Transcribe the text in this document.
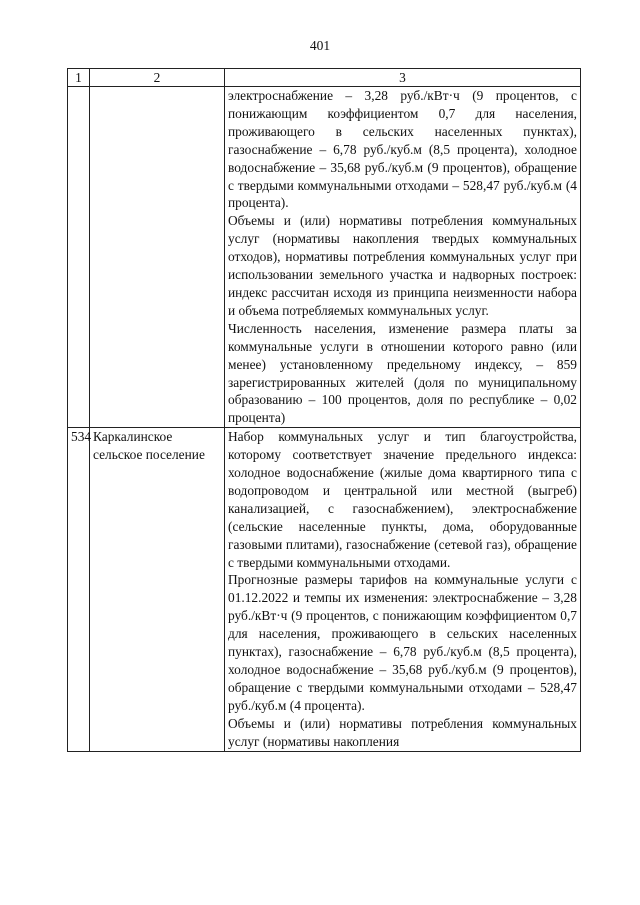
401
1	2	3

		электроснабжение – 3,28 руб./кВт·ч (9 процентов, с понижающим коэффициентом 0,7 для населения, проживающего в сельских населенных пунктах), газоснабжение – 6,78 руб./куб.м (8,5 процента), холодное водоснабжение – 35,68 руб./куб.м (9 процентов), обращение с твердыми коммунальными отходами – 528,47 руб./куб.м (4 процента).

Объемы и (или) нормативы потребления коммунальных услуг (нормативы накопления твердых коммунальных отходов), нормативы потребления коммунальных услуг при использовании земельного участка и надворных построек: индекс рассчитан исходя из принципа неизменности набора и объема потребляемых коммунальных услуг.

Численность населения, изменение размера платы за коммунальные услуги в отношении которого равно (или менее) установленному предельному индексу, – 859 зарегистрированных жителей (доля по муниципальному образованию – 100 процентов, доля по республике – 0,02 процента)

534	Каркалинское сельское поселение	Набор коммунальных услуг и тип благоустройства, которому соответствует значение предельного индекса: холодное водоснабжение (жилые дома квартирного типа с водопроводом и центральной или местной (выгреб) канализацией, с газоснабжением), электроснабжение (сельские населенные пункты, дома, оборудованные газовыми плитами), газоснабжение (сетевой газ), обращение с твердыми коммунальными отходами.

Прогнозные размеры тарифов на коммунальные услуги с 01.12.2022 и темпы их изменения: электроснабжение – 3,28 руб./кВт·ч (9 процентов, с понижающим коэффициентом 0,7 для населения, проживающего в сельских населенных пунктах), газоснабжение – 6,78 руб./куб.м (8,5 процента), холодное водоснабжение – 35,68 руб./куб.м (9 процентов), обращение с твердыми коммунальными отходами – 528,47 руб./куб.м (4 процента).

Объемы и (или) нормативы потребления коммунальных услуг (нормативы накопления
